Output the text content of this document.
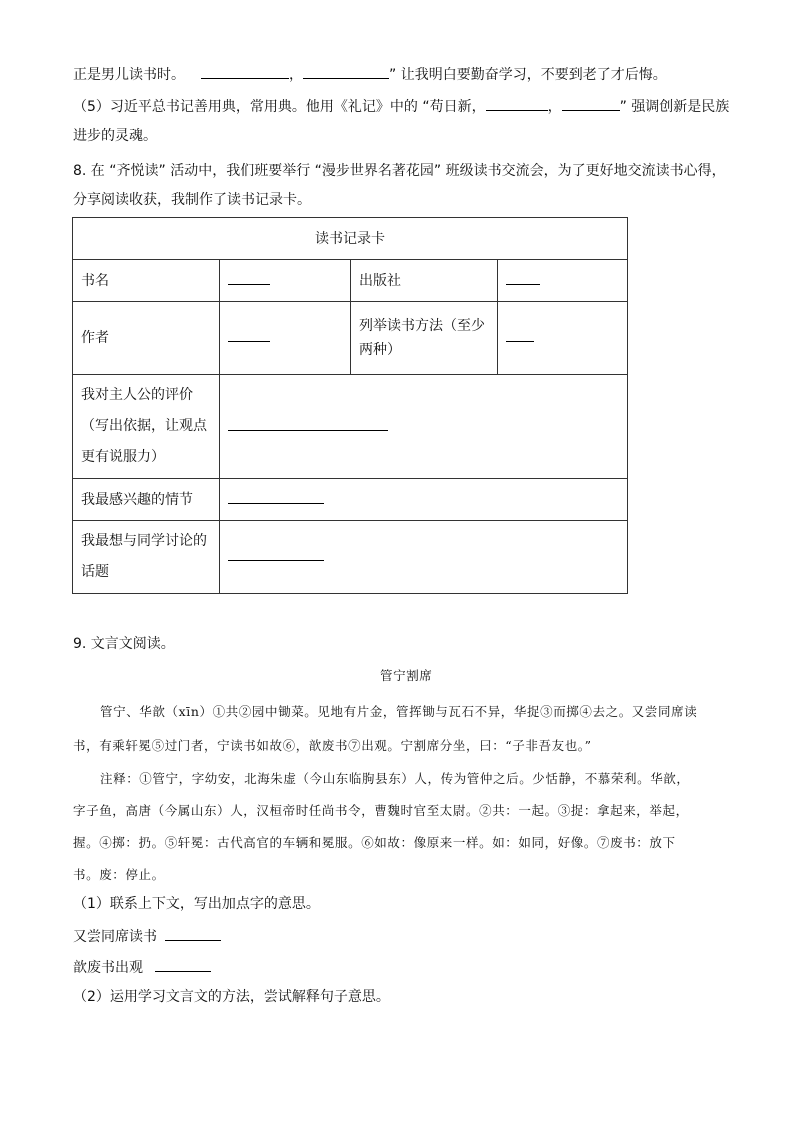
正是男儿读书时。	，	” 让我明白要勤奋学习，不要到老了才后悔。
（5）习近平总书记善用典，常用典。他用《礼记》中的 “苟日新，	，	” 强调创新是民族
进步的灵魂。
8. 在 “齐悦读” 活动中，我们班要举行 “漫步世界名著花园” 班级读书交流会，为了更好地交流读书心得，
分享阅读收获，我制作了读书记录卡。
读书记录卡			
书名		出版社	
作者		列举读书方法（至少
两种）	

我对主人公的评价
（写出依据，让观点
更有说服力）			

我最感兴趣的情节			

我最想与同学讨论的
话题			

9. 文言文阅读。
管宁割席
管宁、华歆（xīn）①共②园中锄菜。见地有片金，管挥锄与瓦石不异，华捉③而掷④去之。又尝同席读
书，有乘轩冕⑤过门者，宁读书如故⑥，歆废书⑦出观。宁割席分坐，曰：“子非吾友也。”
注释：①管宁，字幼安，北海朱虚（今山东临朐县东）人，传为管仲之后。少恬静，不慕荣利。华歆，
字子鱼，高唐（今属山东）人，汉桓帝时任尚书令，曹魏时官至太尉。②共：一起。③捉：拿起来，举起，
握。④掷：扔。⑤轩冕：古代高官的车辆和冕服。⑥如故：像原来一样。如：如同，好像。⑦废书：放下
书。废：停止。
（1）联系上下文，写出加点字的意思。
又尝同席读书
歆废书出观
（2）运用学习文言文的方法，尝试解释句子意思。
